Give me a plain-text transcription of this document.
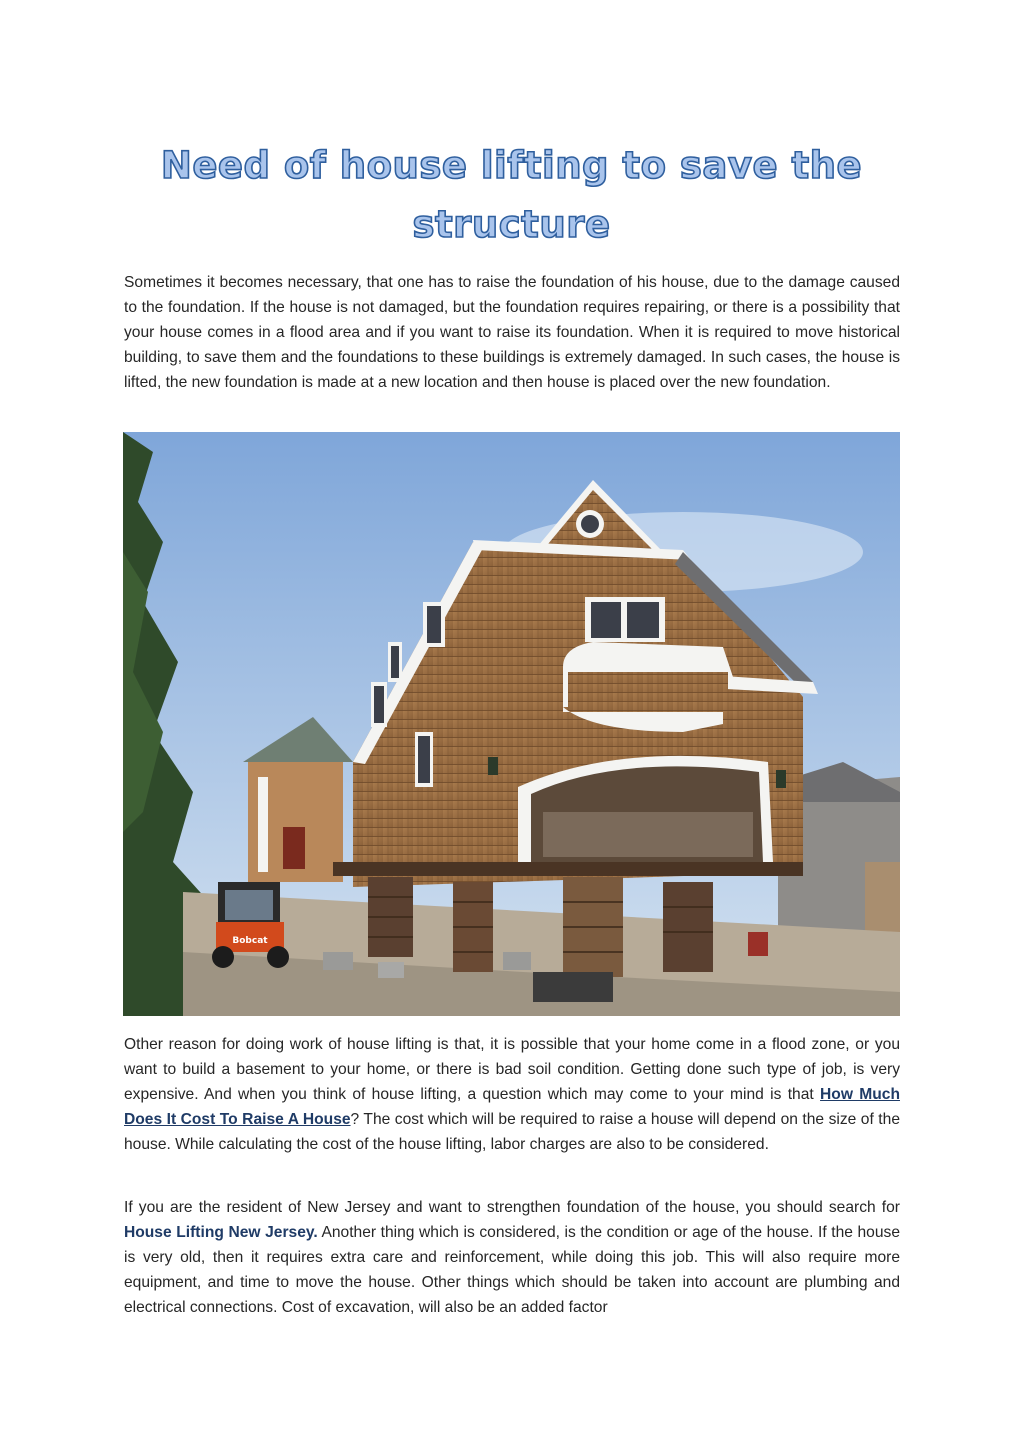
Need of house lifting to save the structure

Sometimes it becomes necessary, that one has to raise the foundation of his house, due to the damage caused to the foundation. If the house is not damaged, but the foundation requires repairing, or there is a possibility that your house comes in a flood area and if you want to raise its foundation. When it is required to move historical building, to save them and the foundations to these buildings is extremely damaged. In such cases, the house is lifted, the new foundation is made at a new location and then house is placed over the new foundation.

Bobcat

Other reason for doing work of house lifting is that, it is possible that your home come in a flood zone, or you want to build a basement to your home, or there is bad soil condition. Getting done such type of job, is very expensive. And when you think of house lifting, a question which may come to your mind is that How Much Does It Cost To Raise A House? The cost which will be required to raise a house will depend on the size of the house. While calculating the cost of the house lifting, labor charges are also to be considered.

If you are the resident of New Jersey and want to strengthen foundation of the house, you should search for House Lifting New Jersey. Another thing which is considered, is the condition or age of the house. If the house is very old, then it requires extra care and reinforcement, while doing this job. This will also require more equipment, and time to move the house. Other things which should be taken into account are plumbing and electrical connections. Cost of excavation, will also be an added factor
